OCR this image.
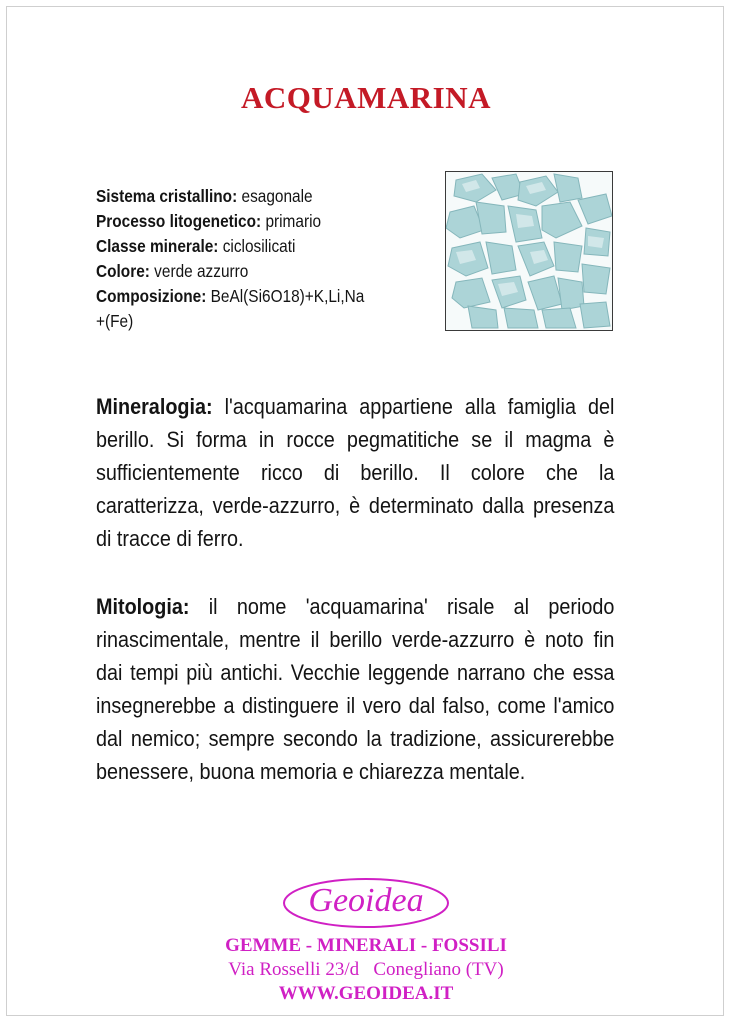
ACQUAMARINA
Sistema cristallino: esagonale
Processo litogenetico: primario
Classe minerale: ciclosilicati
Colore: verde azzurro
Composizione: BeAl(Si6O18)+K,Li,Na
+(Fe)
Mineralogia: l'acquamarina appartiene alla famiglia del berillo. Si forma in rocce pegmatitiche se il magma è sufficientemente ricco di berillo. Il colore che la caratterizza, verde-azzurro, è determinato dalla presenza di tracce di ferro.
Mitologia: il nome 'acquamarina' risale al periodo rinascimentale, mentre il berillo verde-azzurro è noto fin dai tempi più antichi. Vecchie leggende narrano che essa insegnerebbe a distinguere il vero dal falso, come l'amico dal nemico; sempre secondo la tradizione, assicurerebbe benessere, buona memoria e chiarezza mentale.
Geoidea
GEMME - MINERALI - FOSSILI
Via Rosselli 23/d   Conegliano (TV)
WWW.GEOIDEA.IT
